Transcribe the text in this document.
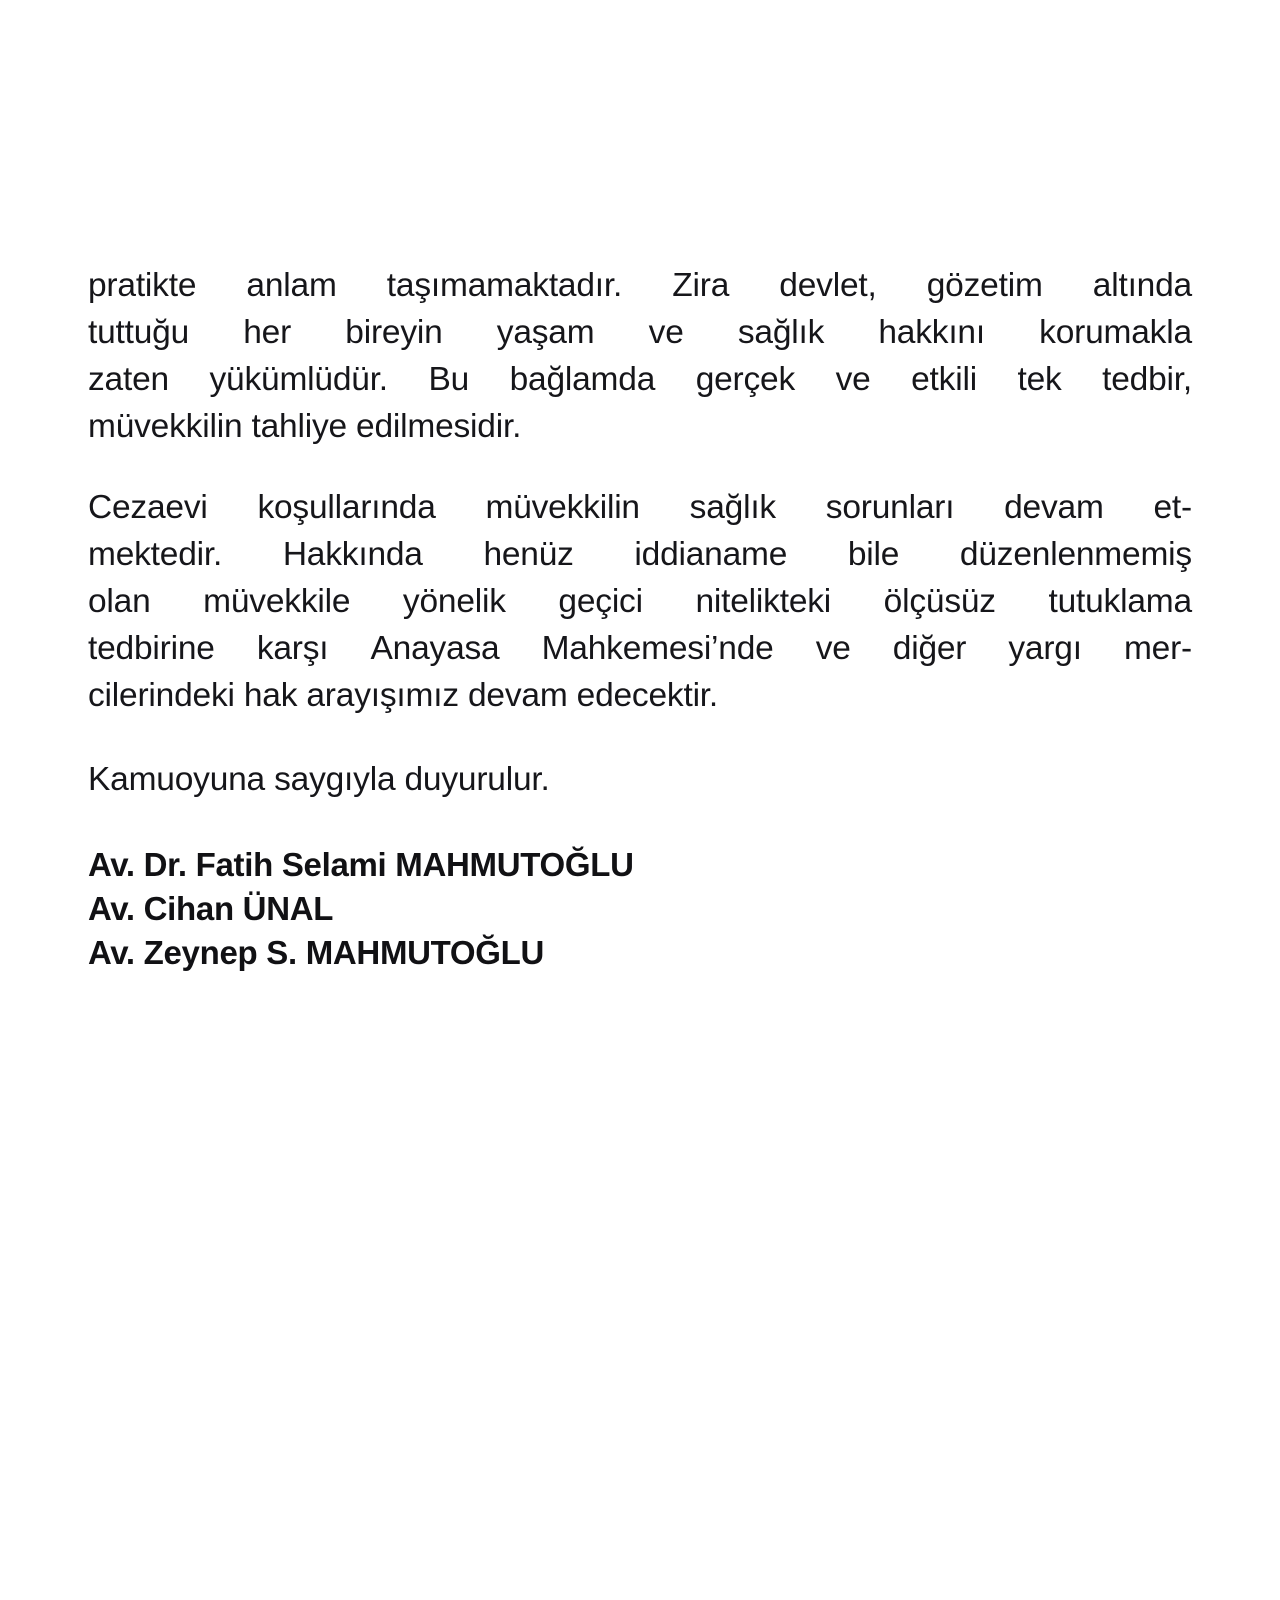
pratikte anlam taşımamaktadır. Zira devlet, gözetim altında
tuttuğu her bireyin yaşam ve sağlık hakkını korumakla
zaten yükümlüdür. Bu bağlamda gerçek ve etkili tek tedbir,
müvekkilin tahliye edilmesidir.
Cezaevi koşullarında müvekkilin sağlık sorunları devam et-
mektedir. Hakkında henüz iddianame bile düzenlenmemiş
olan müvekkile yönelik geçici nitelikteki ölçüsüz tutuklama
tedbirine karşı Anayasa Mahkemesi’nde ve diğer yargı mer-
cilerindeki hak arayışımız devam edecektir.
Kamuoyuna saygıyla duyurulur.
Av. Dr. Fatih Selami MAHMUTOĞLU
Av. Cihan ÜNAL
Av. Zeynep S. MAHMUTOĞLU
